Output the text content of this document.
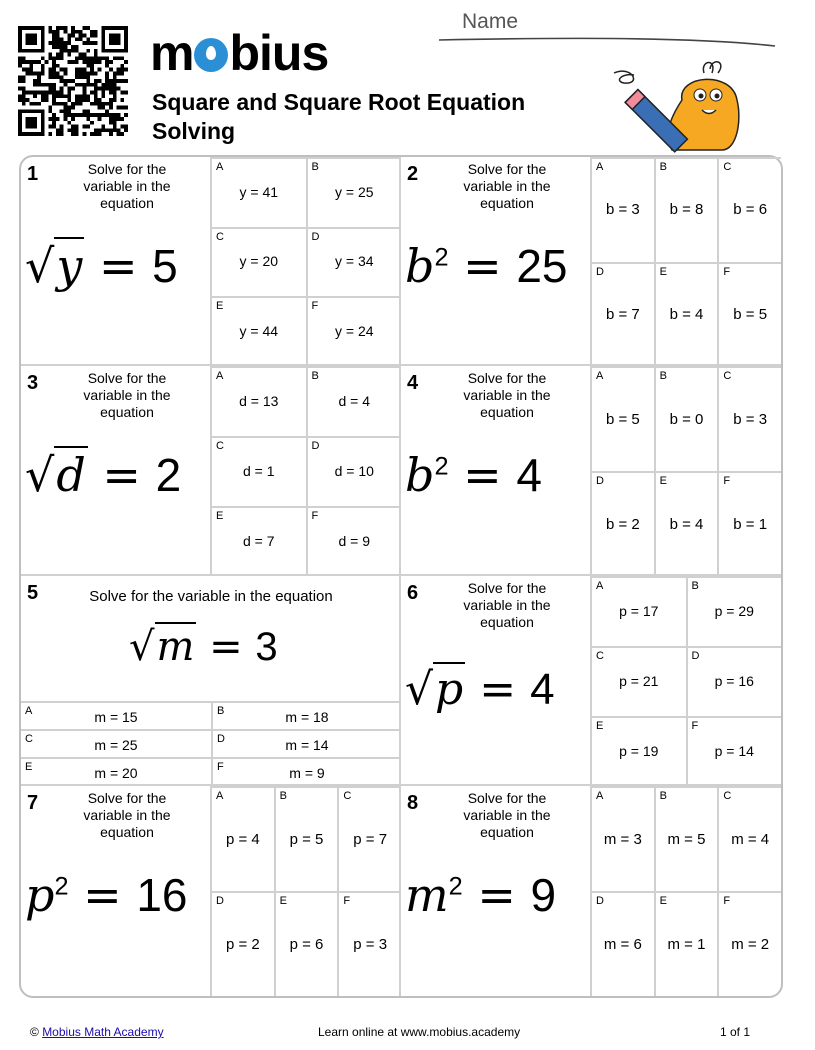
m bius
Square and Square Root Equation Solving
Name
1	Solve for the variable in the equation
√y = 5
A
y = 41
B
y = 25
C
y = 20
D
y = 34
E
y = 44
F
y = 24
2	Solve for the variable in the equation
$b^2 = 25$
A
b = 3
B
b = 8
C
b = 6
D
b = 7
E
b = 4
F
b = 5
3	Solve for the variable in the equation
√d = 2
A
d = 13
B
d = 4
C
d = 1
D
d = 10
E
d = 7
F
d = 9
4	Solve for the variable in the equation
$b^2 = 4$
A
b = 5
B
b = 0
C
b = 3
D
b = 2
E
b = 4
F
b = 1
5	Solve for the variable in the equation
√m = 3
A	m = 15	B	m = 18
C	m = 25	D	m = 14
E	m = 20	F	m = 9
6	Solve for the variable in the equation
√p = 4
A
p = 17
B
p = 29
C
p = 21
D
p = 16
E
p = 19
F
p = 14
7	Solve for the variable in the equation
$p^2 = 16$
A
p = 4
B
p = 5
C
p = 7
D
p = 2
E
p = 6
F
p = 3
8	Solve for the variable in the equation
$m^2 = 9$
A
m = 3
B
m = 5
C
m = 4
D
m = 6
E
m = 1
F
m = 2
© Mobius Math Academy	Learn online at www.mobius.academy	1 of 1
